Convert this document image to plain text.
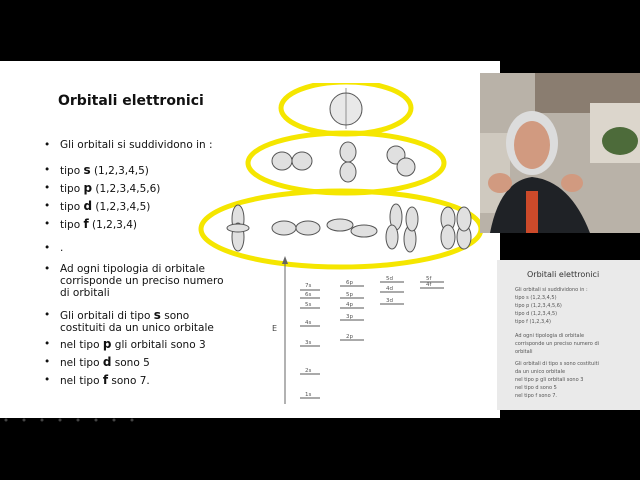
Orbitali elettronici
• Gli orbitali si suddividono in :
• tipo s (1,2,3,4,5)
• tipo p (1,2,3,4,5,6)
• tipo d (1,2,3,4,5)
• tipo f (1,2,3,4)
• .
• Ad ogni tipologia di orbitale corrisponde un preciso numero di orbitali
• Gli orbitali di tipo s sono costituiti da un unico orbitale
• nel tipo p gli orbitali sono 3
• nel tipo d sono 5
• nel tipo f sono 7.
E
7s
6s
5s
4s
3s
2s
1s
6p
5p
4p
3p
2p
5d
4d
3d
5f
4f
Orbitali elettronici
Gli orbitali si suddividono in :
tipo s (1,2,3,4,5)
tipo p (1,2,3,4,5,6)
tipo d (1,2,3,4,5)
tipo f (1,2,3,4)
Ad ogni tipologia di orbitale
corrisponde un preciso numero di
orbitali
Gli orbitali di tipo s sono costituiti
da un unico orbitale
nel tipo p gli orbitali sono 3
nel tipo d sono 5
nel tipo f sono 7.
